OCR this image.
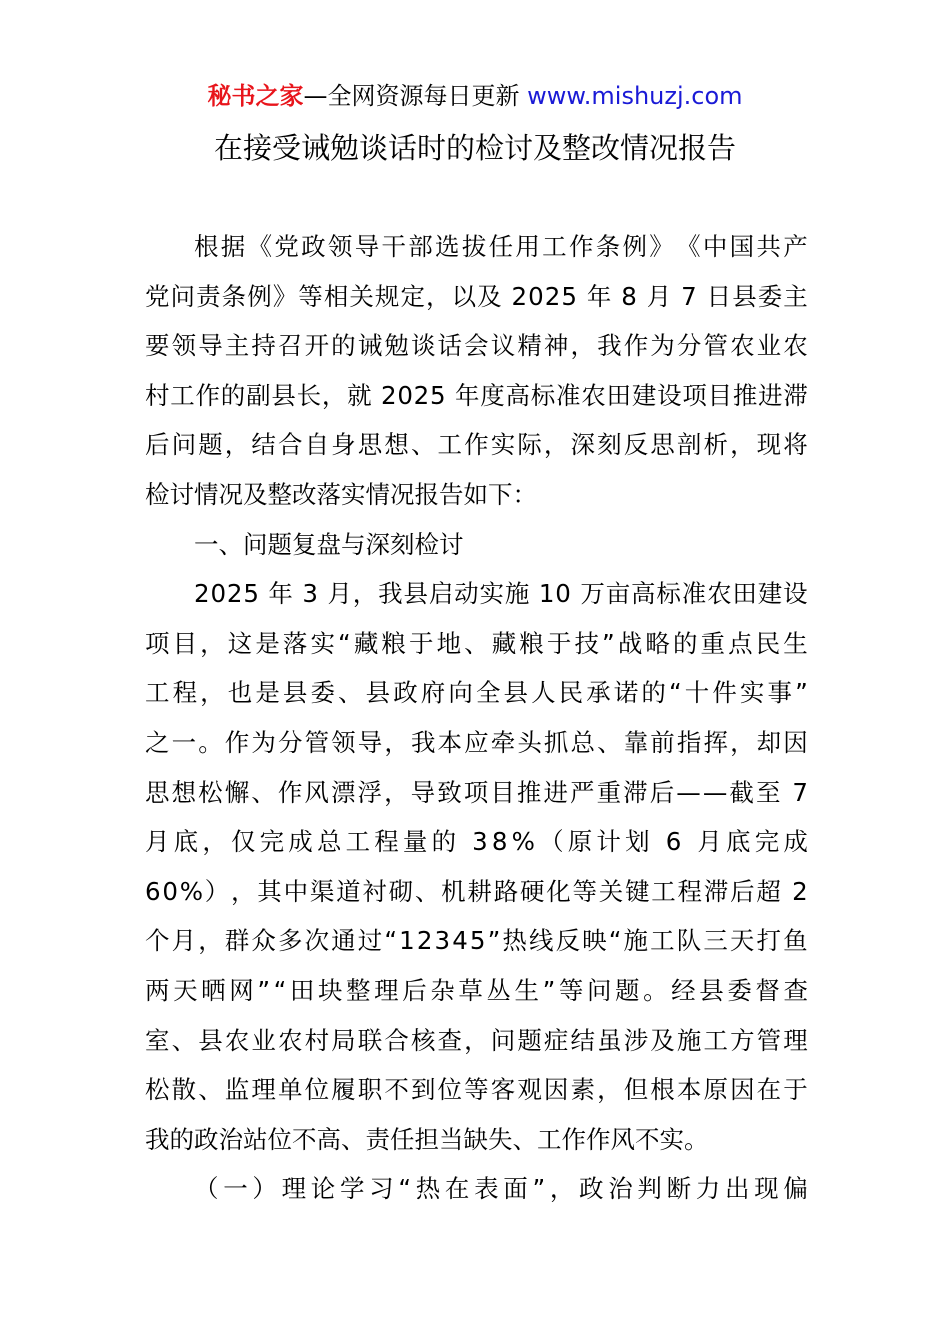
秘书之家—全网资源每日更新 www.mishuzj.com
在接受诫勉谈话时的检讨及整改情况报告
根 据 《 党 政 领 导 干 部 选 拔 任 用 工 作 条 例 》 《 中 国 共 产
党 问 责 条 例 》 等 相 关 规 定 ， 以 及
2 0 2 5
年
8
月
7
日 县 委 主
要 领 导 主 持 召 开 的 诫 勉 谈 话 会 议 精 神 ， 我 作 为 分 管 农 业 农
村 工 作 的 副 县 长 ， 就
2 0 2 5
年 度 高 标 准 农 田 建 设 项 目 推 进 滞
后 问 题 ， 结 合 自 身 思 想 、 工 作 实 际 ， 深 刻 反 思 剖 析 ， 现 将
检讨情况及整改落实情况报告如下：
一、问题复盘与深刻检讨
2 0 2 5
年
3
月 ， 我 县 启 动 实 施
1 0
万 亩 高 标 准 农 田 建 设
项 目 ， 这 是 落 实 “ 藏 粮 于 地 、 藏 粮 于 技 ” 战 略 的 重 点 民 生
工 程 ， 也 是 县 委 、 县 政 府 向 全 县 人 民 承 诺 的 “ 十 件 实 事 ”
之 一 。 作 为 分 管 领 导 ， 我 本 应 牵 头 抓 总 、 靠 前 指 挥 ， 却 因
思 想 松 懈 、 作 风 漂 浮 ， 导 致 项 目 推 进 严 重 滞 后 — — 截 至
7
月 底 ， 仅 完 成 总 工 程 量 的
3 8 % （ 原 计 划
6
月 底 完 成
6 0 % ） ， 其 中 渠 道 衬 砌 、 机 耕 路 硬 化 等 关 键 工 程 滞 后 超
2
个 月 ， 群 众 多 次 通 过 “ 1 2 3 4 5 ” 热 线 反 映 “ 施 工 队 三 天 打 鱼
两 天 晒 网 ” “ 田 块 整 理 后 杂 草 丛 生 ” 等 问 题 。 经 县 委 督 查
室 、 县 农 业 农 村 局 联 合 核 查 ， 问 题 症 结 虽 涉 及 施 工 方 管 理
松 散 、 监 理 单 位 履 职 不 到 位 等 客 观 因 素 ， 但 根 本 原 因 在 于
我的政治站位不高、责任担当缺失、工作作风不实。
（ 一 ） 理 论 学 习 “ 热 在 表 面 ” ， 政 治 判 断 力 出 现 偏
